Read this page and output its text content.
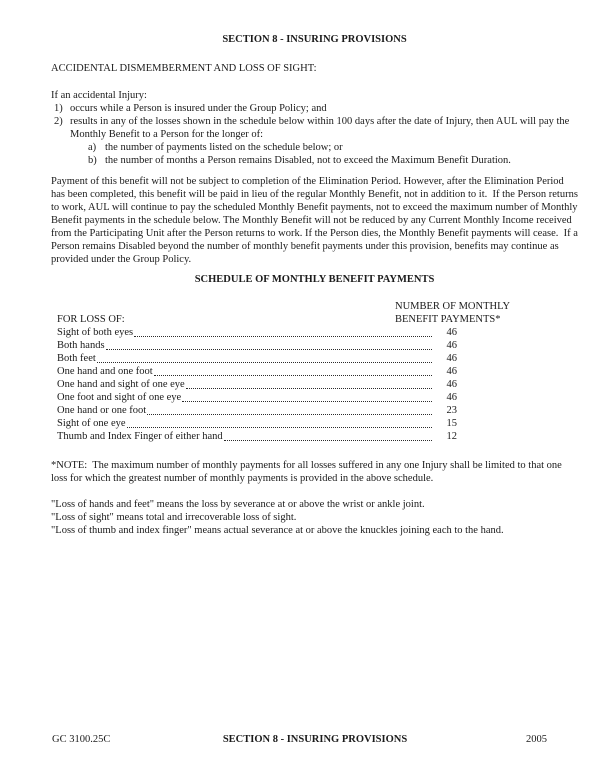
SECTION 8 - INSURING PROVISIONS
ACCIDENTAL DISMEMBERMENT AND LOSS OF SIGHT:
If an accidental Injury:
1) occurs while a Person is insured under the Group Policy; and
2) results in any of the losses shown in the schedule below within 100 days after the date of Injury, then AUL will pay the Monthly Benefit to a Person for the longer of:
a) the number of payments listed on the schedule below; or
b) the number of months a Person remains Disabled, not to exceed the Maximum Benefit Duration.
Payment of this benefit will not be subject to completion of the Elimination Period. However, after the Elimination Period has been completed, this benefit will be paid in lieu of the regular Monthly Benefit, not in addition to it.  If the Person returns to work, AUL will continue to pay the scheduled Monthly Benefit payments, not to exceed the maximum number of Monthly Benefit payments in the schedule below. The Monthly Benefit will not be reduced by any Current Monthly Income received from the Participating Unit after the Person returns to work. If the Person dies, the Monthly Benefit payments will cease.  If a Person remains Disabled beyond the number of monthly benefit payments under this provision, benefits may continue as provided under the Group Policy.
SCHEDULE OF MONTHLY BENEFIT PAYMENTS
NUMBER OF MONTHLY
FOR LOSS OF:	BENEFIT PAYMENTS*
Sight of both eyes	46
Both hands	46
Both feet	46
One hand and one foot	46
One hand and sight of one eye	46
One foot and sight of one eye	46
One hand or one foot	23
Sight of one eye	15
Thumb and Index Finger of either hand	12
*NOTE:  The maximum number of monthly payments for all losses suffered in any one Injury shall be limited to that one loss for which the greatest number of monthly payments is provided in the above schedule.
"Loss of hands and feet" means the loss by severance at or above the wrist or ankle joint.
"Loss of sight" means total and irrecoverable loss of sight.
"Loss of thumb and index finger" means actual severance at or above the knuckles joining each to the hand.
GC 3100.25C	SECTION 8 - INSURING PROVISIONS	2005
